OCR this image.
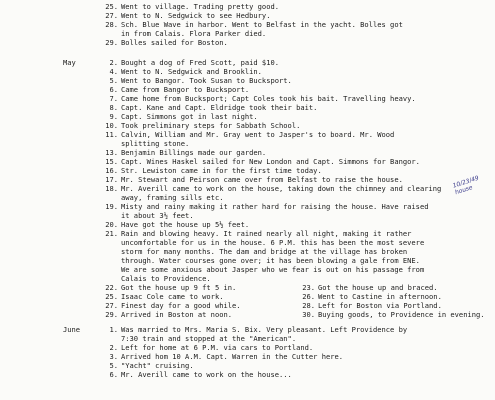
25. Went to village. Trading pretty good.
27. Went to N. Sedgwick to see Hedbury.
28. Sch. Blue Wave in harbor. Went to Belfast in the yacht. Bolles got
in from Calais. Flora Parker died.
29. Bolles sailed for Boston.
May	2. Bought a dog of Fred Scott, paid $10.
4. Went to N. Sedgwick and Brooklin.
5. Went to Bangor. Took Susan to Bucksport.
6. Came from Bangor to Bucksport.
7. Came home from Bucksport; Capt Coles took his bait. Travelling heavy.
8. Capt. Kane and Capt. Eldridge took their bait.
9. Capt. Simmons got in last night.
10. Took preliminary steps for Sabbath School.
11. Calvin, William and Mr. Gray went to Jasper's to board. Mr. Wood
splitting stone.
13. Benjamin Billings made our garden.
15. Capt. Wines Haskel sailed for New London and Capt. Simmons for Bangor.
16. Str. Lewiston came in for the first time today.
17. Mr. Stewart and Peirson came over from Belfast to raise the house.
18. Mr. Averill came to work on the house, taking down the chimney and clearing
away, framing sills etc.
19. Misty and rainy making it rather hard for raising the house. Have raised
it about 3½ feet.
20. Have got the house up 5½ feet.
21. Rain and blowing heavy. It rained nearly all night, making it rather
uncomfortable for us in the house. 6 P.M. this has been the most severe
storm for many months. The dam and bridge at the village has broken
through. Water courses gone over; it has been blowing a gale from ENE.
We are some anxious about Jasper who we fear is out on his passage from
Calais to Providence.
22. Got the house up 9 ft 5 in.	23. Got the house up and braced.
25. Isaac Cole came to work.	26. Went to Castine in afternoon.
27. Finest day for a good while.	28. Left for Boston via Portland.
29. Arrived in Boston at noon.	30. Buying goods, to Providence in evening.
June	1. Was married to Mrs. Maria S. Bix. Very pleasant. Left Providence by
7:30 train and stopped at the "American".
2. Left for home at 6 P.M. via cars to Portland.
3. Arrived hom 10 A.M. Capt. Warren in the Cutter here.
5. "Yacht" cruising.
6. Mr. Averill came to work on the house...
10/23/49
house
